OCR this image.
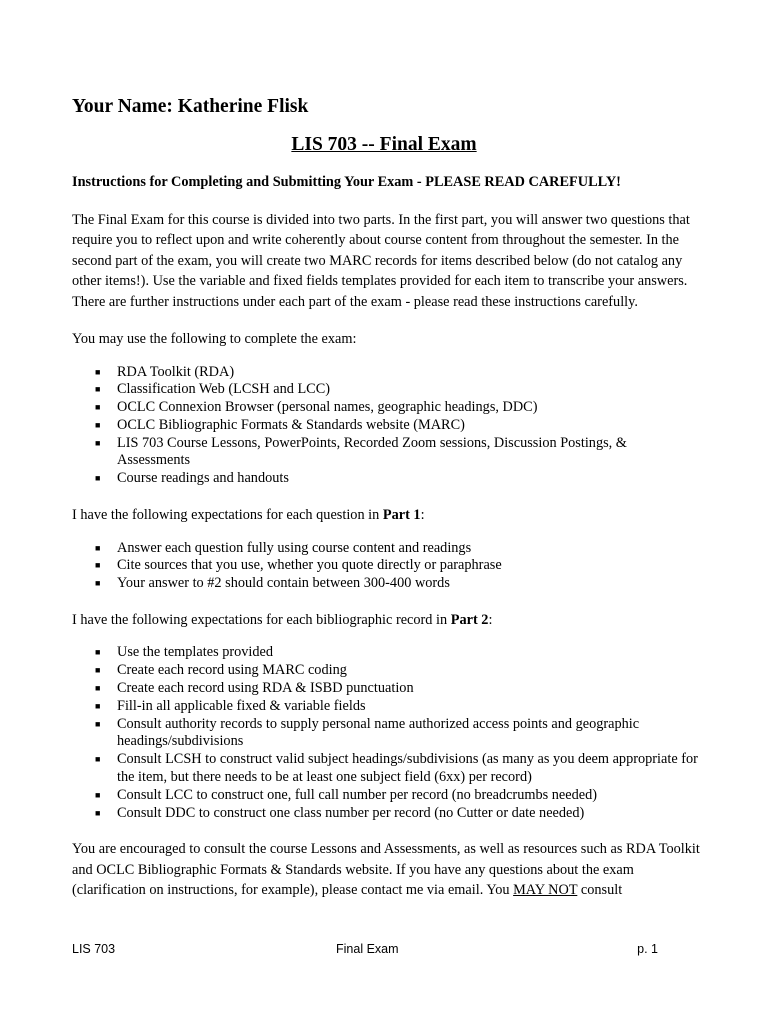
Your Name: Katherine Flisk
LIS 703 -- Final Exam

Instructions for Completing and Submitting Your Exam - PLEASE READ CAREFULLY!

The Final Exam for this course is divided into two parts. In the first part, you will answer two questions that require you to reflect upon and write coherently about course content from throughout the semester. In the second part of the exam, you will create two MARC records for items described below (do not catalog any other items!). Use the variable and fixed fields templates provided for each item to transcribe your answers. There are further instructions under each part of the exam - please read these instructions carefully.

You may use the following to complete the exam:

■ RDA Toolkit (RDA)
■ Classification Web (LCSH and LCC)
■ OCLC Connexion Browser (personal names, geographic headings, DDC)
■ OCLC Bibliographic Formats & Standards website (MARC)
■ LIS 703 Course Lessons, PowerPoints, Recorded Zoom sessions, Discussion Postings, & Assessments
■ Course readings and handouts

I have the following expectations for each question in Part 1:

■ Answer each question fully using course content and readings
■ Cite sources that you use, whether you quote directly or paraphrase
■ Your answer to #2 should contain between 300-400 words

I have the following expectations for each bibliographic record in Part 2:

■ Use the templates provided
■ Create each record using MARC coding
■ Create each record using RDA & ISBD punctuation
■ Fill-in all applicable fixed & variable fields
■ Consult authority records to supply personal name authorized access points and geographic headings/subdivisions
■ Consult LCSH to construct valid subject headings/subdivisions (as many as you deem appropriate for the item, but there needs to be at least one subject field (6xx) per record)
■ Consult LCC to construct one, full call number per record (no breadcrumbs needed)
■ Consult DDC to construct one class number per record (no Cutter or date needed)

You are encouraged to consult the course Lessons and Assessments, as well as resources such as RDA Toolkit and OCLC Bibliographic Formats & Standards website. If you have any questions about the exam (clarification on instructions, for example), please contact me via email. You MAY NOT consult

LIS 703	Final Exam	p. 1
